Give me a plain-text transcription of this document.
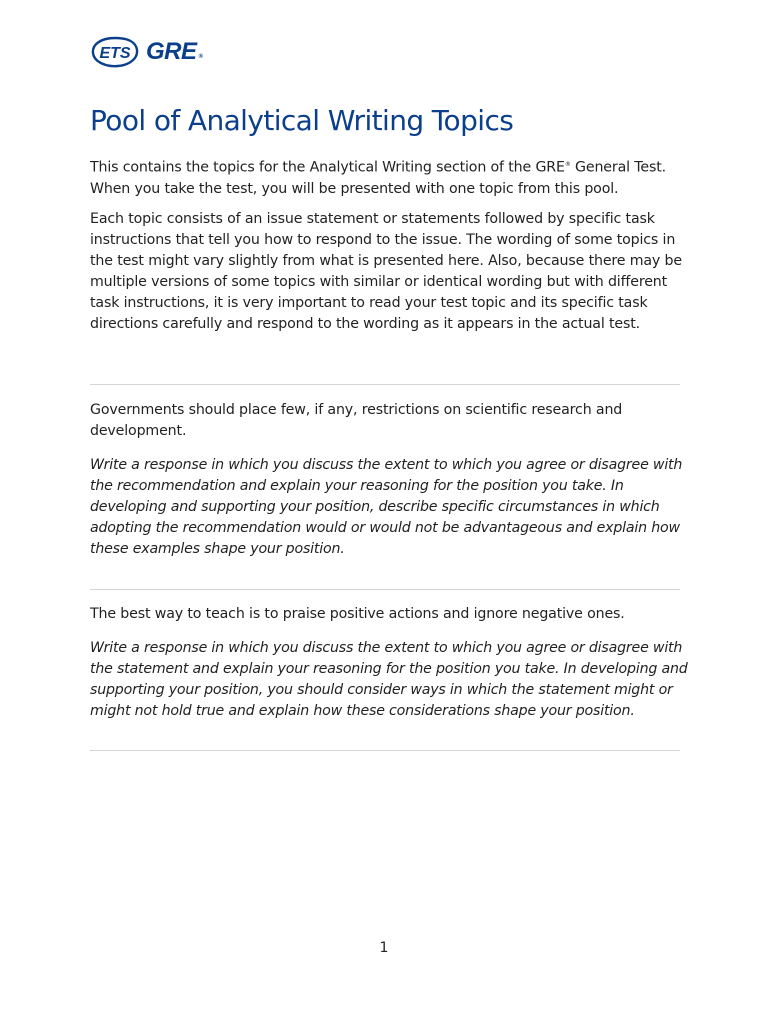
ETS GRE ®
Pool of Analytical Writing Topics

This contains the topics for the Analytical Writing section of the GRE® General Test. When you take the test, you will be presented with one topic from this pool.

Each topic consists of an issue statement or statements followed by specific task instructions that tell you how to respond to the issue. The wording of some topics in the test might vary slightly from what is presented here. Also, because there may be multiple versions of some topics with similar or identical wording but with different task instructions, it is very important to read your test topic and its specific task directions carefully and respond to the wording as it appears in the actual test.

Governments should place few, if any, restrictions on scientific research and development.

Write a response in which you discuss the extent to which you agree or disagree with the recommendation and explain your reasoning for the position you take. In developing and supporting your position, describe specific circumstances in which adopting the recommendation would or would not be advantageous and explain how these examples shape your position.

The best way to teach is to praise positive actions and ignore negative ones.

Write a response in which you discuss the extent to which you agree or disagree with the statement and explain your reasoning for the position you take. In developing and supporting your position, you should consider ways in which the statement might or might not hold true and explain how these considerations shape your position.

1
